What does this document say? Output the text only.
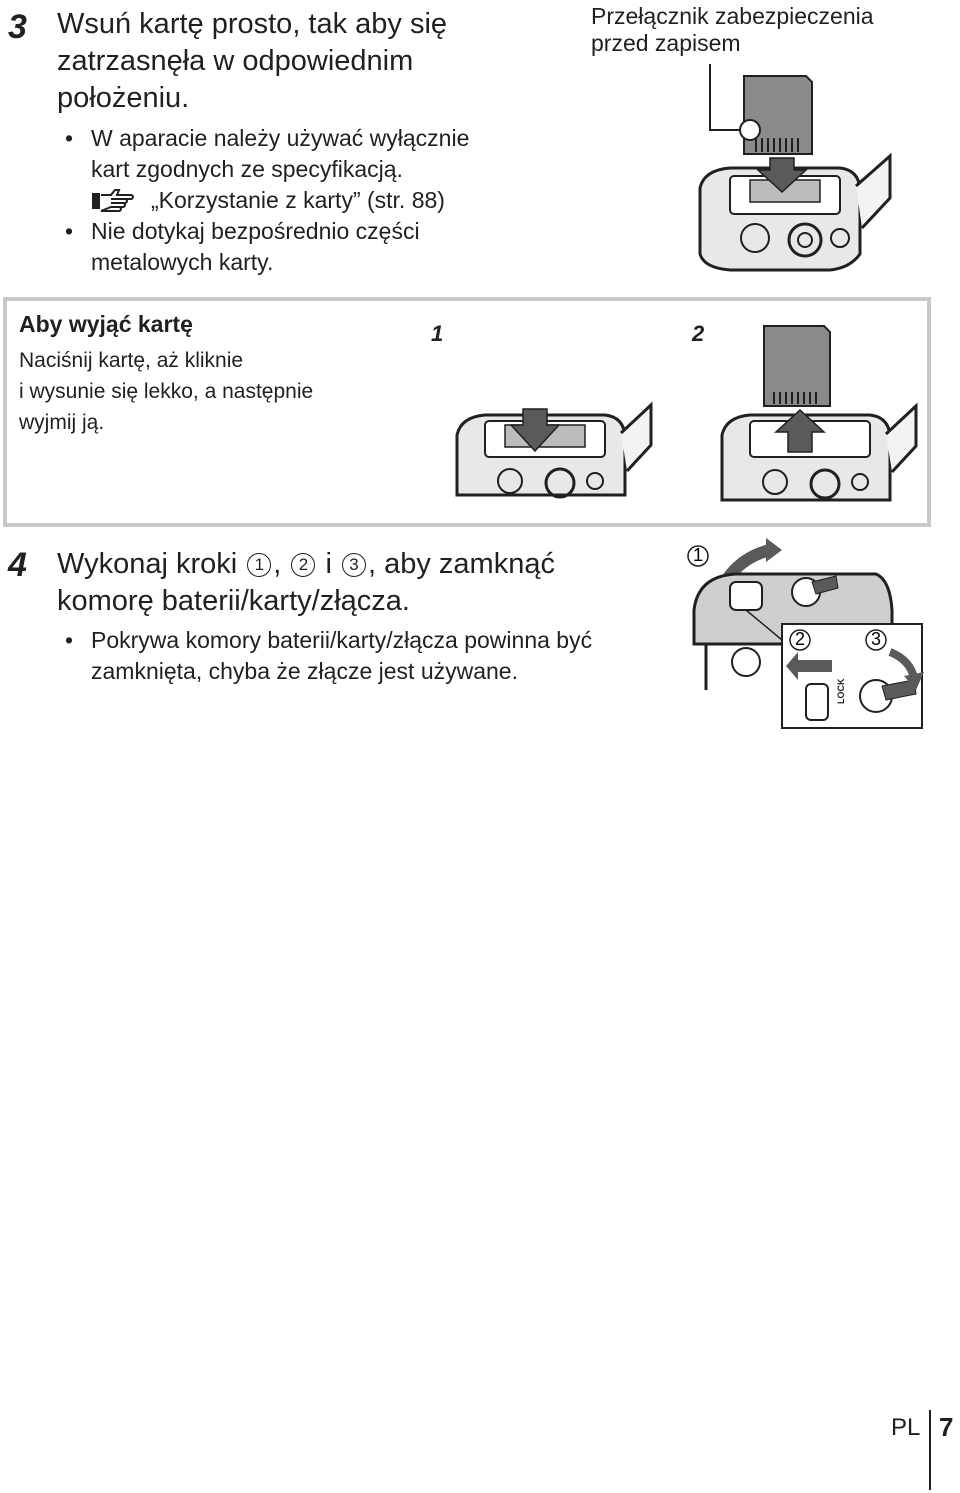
3 Wsuń kartę prosto, tak aby się
zatrzasnęła w odpowiednim
położeniu.
• W aparacie należy używać wyłącznie
kart zgodnych ze specyfikacją.
„Korzystanie z karty” (str. 88)
• Nie dotykaj bezpośrednio części
metalowych karty.
Przełącznik zabezpieczenia
przed zapisem
Aby wyjąć kartę
Naciśnij kartę, aż kliknie
i wysunie się lekko, a następnie
wyjmij ją.
1	2
4 Wykonaj kroki 1 , 2 i 3 , aby zamknąć
komorę baterii/karty/złącza.
• Pokrywa komory baterii/karty/złącza powinna być
zamknięta, chyba że złącze jest używane.
1
2	3
LOCK
PL 7
